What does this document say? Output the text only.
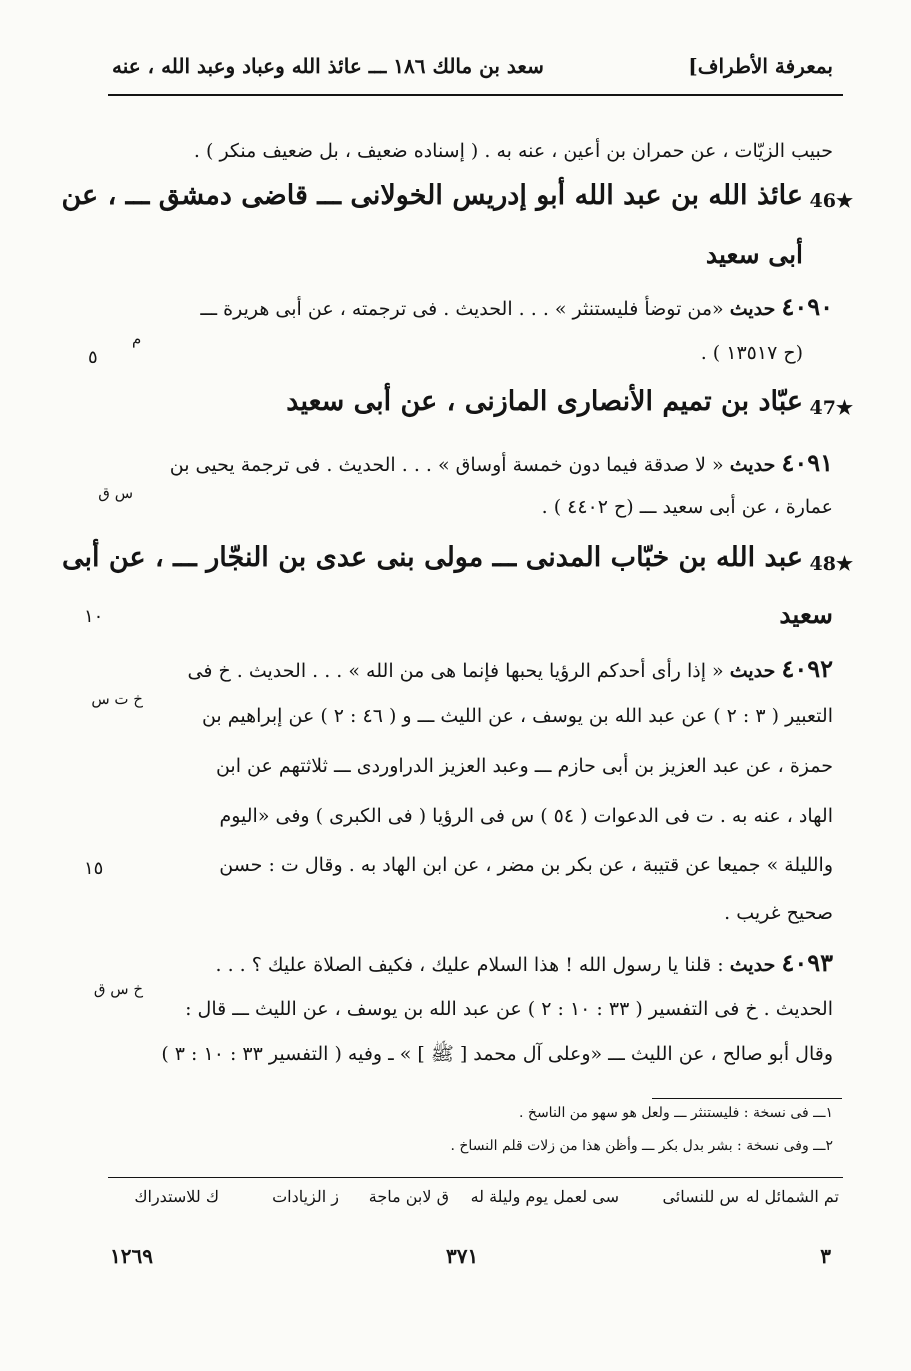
بمعرفة الأطراف]
سعد بن مالك ١٨٦ ـــ عائذ الله وعباد وعبد الله ، عنه
حبيب الزيّات ، عن حمران بن أعين ، عنه به . ( إسناده ضعيف ، بل ضعيف منكر ) .
46★
عائذ الله بن عبد الله أبو إدريس الخولانى ـــ قاضى دمشق ـــ ، عن
أبى سعيد
٤٠٩٠ حديث «من توضأ فليستنثر » . . . الحديث . فى ترجمته ، عن أبى هريرة ـــ
م
(ح ١٣٥١٧ ) .
٥
47★
عبّاد بن تميم الأنصارى المازنى ، عن أبى سعيد
٤٠٩١ حديث « لا صدقة فيما دون خمسة أوساق » . . . الحديث . فى ترجمة يحيى بن
س ق
عمارة ، عن أبى سعيد ـــ (ح ٤٤٠٢ ) .
48★
عبد الله بن خبّاب المدنى ـــ مولى بنى عدى بن النجّار ـــ ، عن أبى
سعيد
١٠
٤٠٩٢ حديث « إذا رأى أحدكم الرؤيا يحبها فإنما هى من الله » . . . الحديث . خ فى
خ ت س
التعبير ( ٣ : ٢ ) عن عبد الله بن يوسف ، عن الليث ـــ و ( ٤٦ : ٢ ) عن إبراهيم بن
حمزة ، عن عبد العزيز بن أبى حازم ـــ وعبد العزيز الدراوردى ـــ ثلاثتهم عن ابن
الهاد ، عنه به . ت فى الدعوات ( ٥٤ ) س فى الرؤيا ( فى الكبرى ) وفى «اليوم
والليلة » جميعا عن قتيبة ، عن بكر بن مضر ، عن ابن الهاد به . وقال ت : حسن
١٥
صحيح غريب .
٤٠٩٣ حديث : قلنا يا رسول الله ! هذا السلام عليك ، فكيف الصلاة عليك ؟ . . .
خ س ق
الحديث . خ فى التفسير ( ٣٣ : ١٠ : ٢ ) عن عبد الله بن يوسف ، عن الليث ـــ قال :
وقال أبو صالح ، عن الليث ـــ «وعلى آل محمد [ ﷺ ] » ـ وفيه ( التفسير ٣٣ : ١٠ : ٣ )
١ـــ فى نسخة : فليستنثر ـــ ولعل هو سهو من الناسخ .
٢ـــ وفى نسخة : بشر بدل بكر ـــ وأظن هذا من زلات قلم النساخ .
تم الشمائل له
س للنسائى
سى لعمل يوم وليلة له
ق لابن ماجة
ز الزيادات
ك للاستدراك
٣
٣٧١
١٢٦٩
